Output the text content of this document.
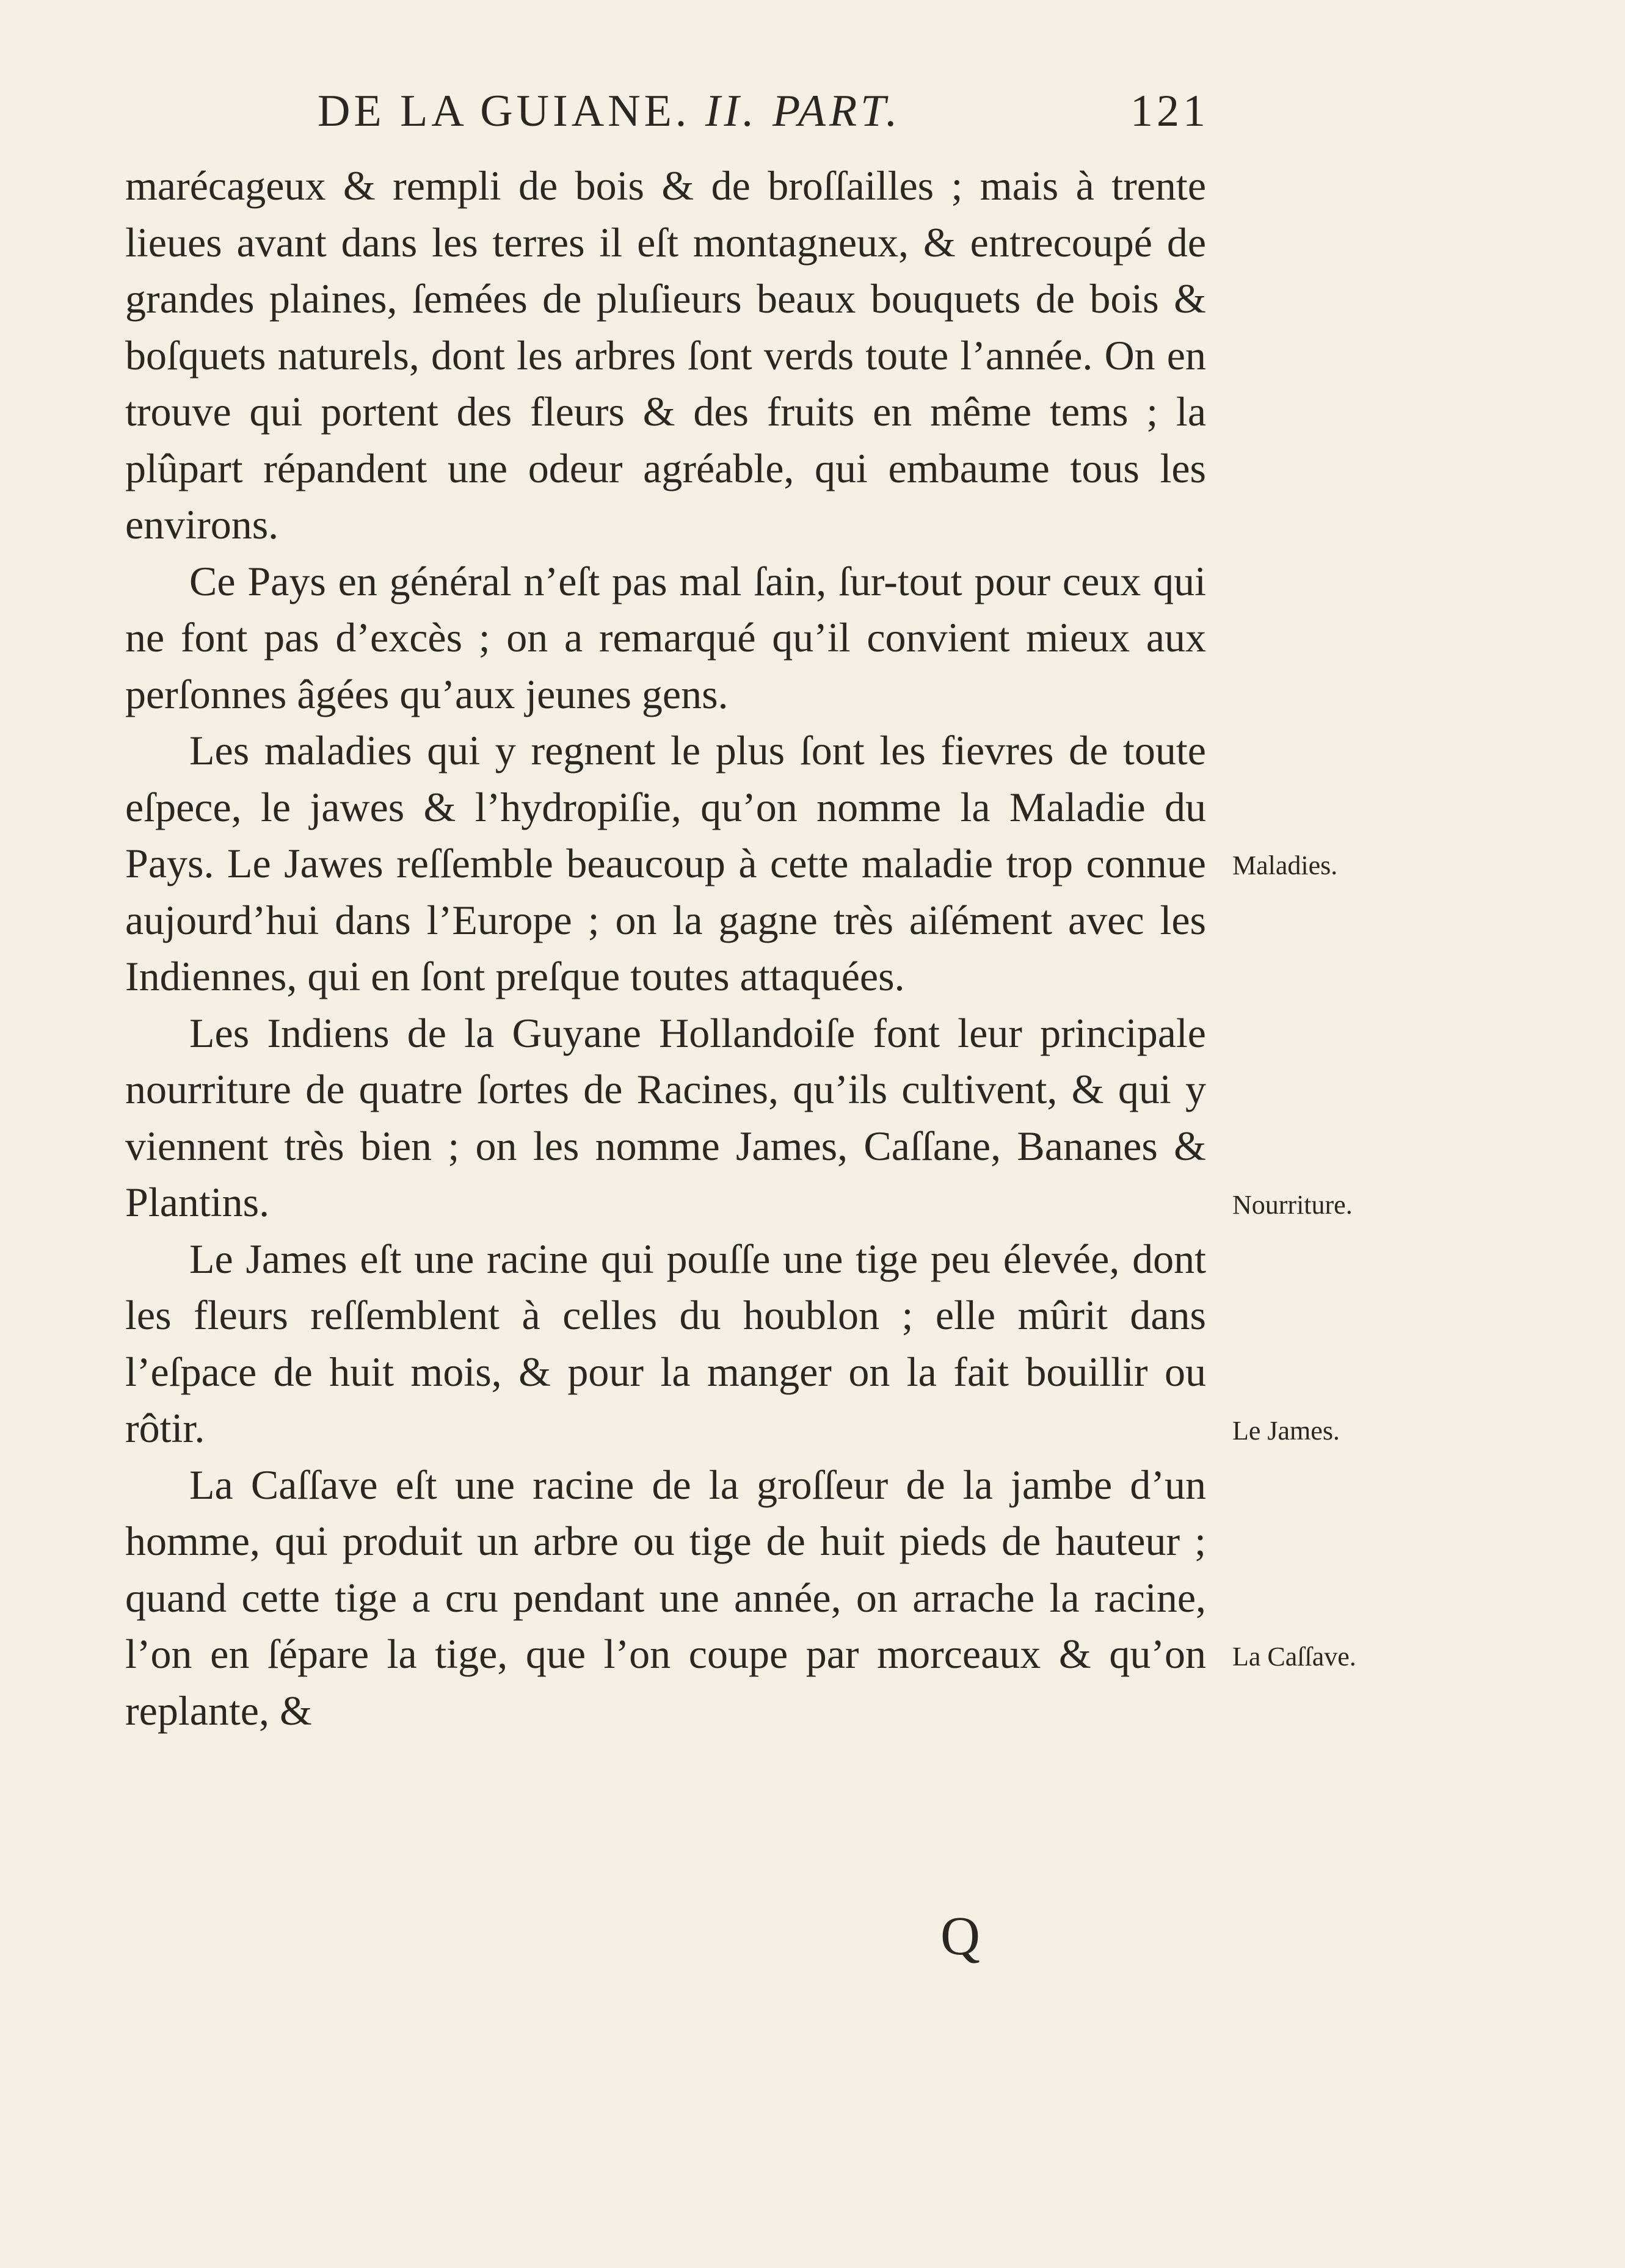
DE LA GUIANE. II. PART.	121

marécageux & rempli de bois & de broſſailles ; mais à trente lieues avant dans les terres il eſt montagneux, & entrecoupé de grandes plaines, ſemées de pluſieurs beaux bouquets de bois & boſquets naturels, dont les arbres ſont verds toute l’année. On en trouve qui portent des fleurs & des fruits en même tems ; la plûpart répandent une odeur agréable, qui embaume tous les environs.

Ce Pays en général n’eſt pas mal ſain, ſur-tout pour ceux qui ne font pas d’excès ; on a remarqué qu’il convient mieux aux perſonnes âgées qu’aux jeunes gens.

Les maladies qui y regnent le plus ſont les fievres de toute eſpece, le jawes & l’hydropiſie, qu’on nomme la Maladie du Pays. Le Jawes reſſemble beaucoup à cette maladie trop connue aujourd’hui dans l’Europe ; on la gagne très aiſément avec les Indiennes, qui en ſont preſque toutes attaquées.

Les Indiens de la Guyane Hollandoiſe font leur principale nourriture de quatre ſortes de Racines, qu’ils cultivent, & qui y viennent très bien ; on les nomme James, Caſſane, Bananes & Plantins.

Le James eſt une racine qui pouſſe une tige peu élevée, dont les fleurs reſſemblent à celles du houblon ; elle mûrit dans l’eſpace de huit mois, & pour la manger on la fait bouillir ou rôtir.

La Caſſave eſt une racine de la groſſeur de la jambe d’un homme, qui produit un arbre ou tige de huit pieds de hauteur ; quand cette tige a cru pendant une année, on arrache la racine, l’on en ſépare la tige, que l’on coupe par morceaux & qu’on replante, &

Maladies.
Nourriture.
Le James.
La Caſſave.
Q
